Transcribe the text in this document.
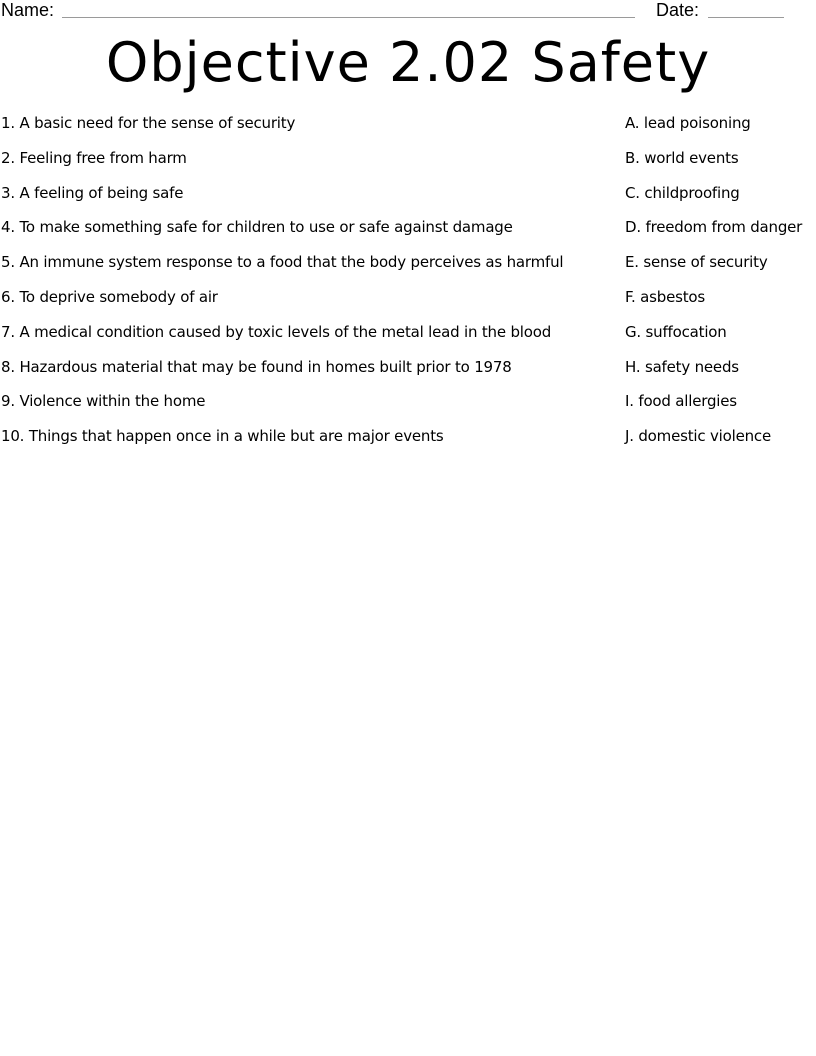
Name:	Date:
Objective 2.02 Safety
1. A basic need for the sense of security	A. lead poisoning
2. Feeling free from harm	B. world events
3. A feeling of being safe	C. childproofing
4. To make something safe for children to use or safe against damage	D. freedom from danger
5. An immune system response to a food that the body perceives as harmful	E. sense of security
6. To deprive somebody of air	F. asbestos
7. A medical condition caused by toxic levels of the metal lead in the blood	G. suffocation
8. Hazardous material that may be found in homes built prior to 1978	H. safety needs
9. Violence within the home	I. food allergies
10. Things that happen once in a while but are major events	J. domestic violence
